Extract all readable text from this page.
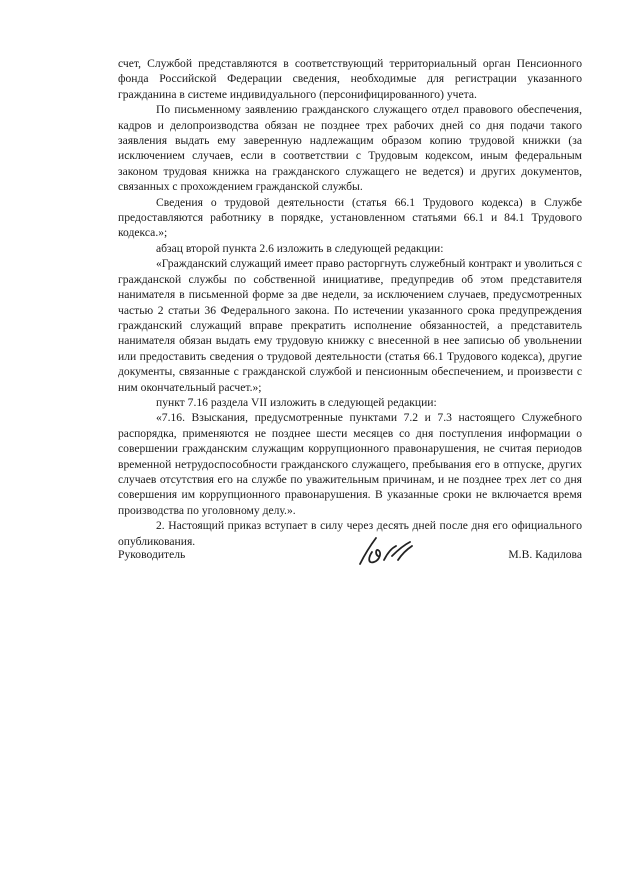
счет, Службой представляются в соответствующий территориальный орган Пенсионного фонда Российской Федерации сведения, необходимые для регистрации указанного гражданина в системе индивидуального (персонифицированного) учета.

По письменному заявлению гражданского служащего отдел правового обеспечения, кадров и делопроизводства обязан не позднее трех рабочих дней со дня подачи такого заявления выдать ему заверенную надлежащим образом копию трудовой книжки (за исключением случаев, если в соответствии с Трудовым кодексом, иным федеральным законом трудовая книжка на гражданского служащего не ведется) и других документов, связанных с прохождением гражданской службы.

Сведения о трудовой деятельности (статья 66.1 Трудового кодекса) в Службе предоставляются работнику в порядке, установленном статьями 66.1 и 84.1 Трудового кодекса.»;

абзац второй пункта 2.6 изложить в следующей редакции:

«Гражданский служащий имеет право расторгнуть служебный контракт и уволиться с гражданской службы по собственной инициативе, предупредив об этом представителя нанимателя в письменной форме за две недели, за исключением случаев, предусмотренных частью 2 статьи 36 Федерального закона. По истечении указанного срока предупреждения гражданский служащий вправе прекратить исполнение обязанностей, а представитель нанимателя обязан выдать ему трудовую книжку с внесенной в нее записью об увольнении или предоставить сведения о трудовой деятельности (статья 66.1 Трудового кодекса), другие документы, связанные с гражданской службой и пенсионным обеспечением, и произвести с ним окончательный расчет.»;

пункт 7.16 раздела VII изложить в следующей редакции:

«7.16. Взыскания, предусмотренные пунктами 7.2 и 7.3 настоящего Служебного распорядка, применяются не позднее шести месяцев со дня поступления информации о совершении гражданским служащим коррупционного правонарушения, не считая периодов временной нетрудоспособности гражданского служащего, пребывания его в отпуске, других случаев отсутствия его на службе по уважительным причинам, и не позднее трех лет со дня совершения им коррупционного правонарушения. В указанные сроки не включается время производства по уголовному делу.».

2. Настоящий приказ вступает в силу через десять дней после дня его официального опубликования.

Руководитель	М.В. Кадилова
